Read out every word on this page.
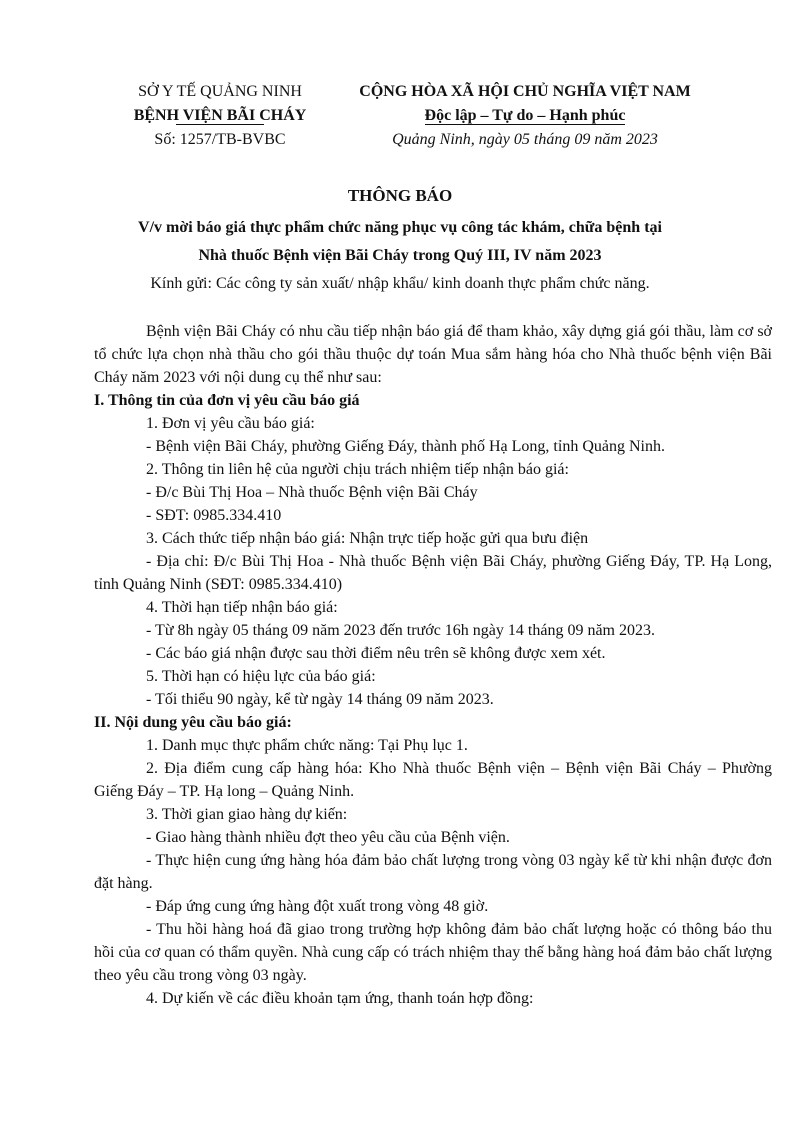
SỞ Y TẾ QUẢNG NINH
BỆNH VIỆN BÃI CHÁY
Số: 1257/TB-BVBC
CỘNG HÒA XÃ HỘI CHỦ NGHĨA VIỆT NAM
Độc lập – Tự do – Hạnh phúc
Quảng Ninh, ngày 05 tháng 09 năm 2023
THÔNG BÁO
V/v mời báo giá thực phẩm chức năng phục vụ công tác khám, chữa bệnh tại
Nhà thuốc Bệnh viện Bãi Cháy trong Quý III, IV năm 2023
Kính gửi: Các công ty sản xuất/ nhập khẩu/ kinh doanh thực phẩm chức năng.

Bệnh viện Bãi Cháy có nhu cầu tiếp nhận báo giá để tham khảo, xây dựng giá gói thầu, làm cơ sở tổ chức lựa chọn nhà thầu cho gói thầu thuộc dự toán Mua sắm hàng hóa cho Nhà thuốc bệnh viện Bãi Cháy năm 2023 với nội dung cụ thể như sau:

I. Thông tin của đơn vị yêu cầu báo giá

1. Đơn vị yêu cầu báo giá:

- Bệnh viện Bãi Cháy, phường Giếng Đáy, thành phố Hạ Long, tỉnh Quảng Ninh.

2. Thông tin liên hệ của người chịu trách nhiệm tiếp nhận báo giá:

- Đ/c Bùi Thị Hoa – Nhà thuốc Bệnh viện Bãi Cháy

- SĐT: 0985.334.410

3. Cách thức tiếp nhận báo giá: Nhận trực tiếp hoặc gửi qua bưu điện

- Địa chỉ: Đ/c Bùi Thị Hoa - Nhà thuốc Bệnh viện Bãi Cháy, phường Giếng Đáy, TP. Hạ Long, tỉnh Quảng Ninh (SĐT: 0985.334.410)

4. Thời hạn tiếp nhận báo giá:

- Từ 8h ngày 05 tháng 09 năm 2023 đến trước 16h ngày 14 tháng 09 năm 2023.

- Các báo giá nhận được sau thời điểm nêu trên sẽ không được xem xét.

5. Thời hạn có hiệu lực của báo giá:

- Tối thiểu 90 ngày, kể từ ngày 14 tháng 09 năm 2023.

II. Nội dung yêu cầu báo giá:

1. Danh mục thực phẩm chức năng: Tại Phụ lục 1.

2. Địa điểm cung cấp hàng hóa: Kho Nhà thuốc Bệnh viện – Bệnh viện Bãi Cháy – Phường Giếng Đáy – TP. Hạ long – Quảng Ninh.

3. Thời gian giao hàng dự kiến:

- Giao hàng thành nhiều đợt theo yêu cầu của Bệnh viện.

- Thực hiện cung ứng hàng hóa đảm bảo chất lượng trong vòng 03 ngày kể từ khi nhận được đơn đặt hàng.

- Đáp ứng cung ứng hàng đột xuất trong vòng 48 giờ.

- Thu hồi hàng hoá đã giao trong trường hợp không đảm bảo chất lượng hoặc có thông báo thu hồi của cơ quan có thẩm quyền. Nhà cung cấp có trách nhiệm thay thế bằng hàng hoá đảm bảo chất lượng theo yêu cầu trong vòng 03 ngày.

4. Dự kiến về các điều khoản tạm ứng, thanh toán hợp đồng:
